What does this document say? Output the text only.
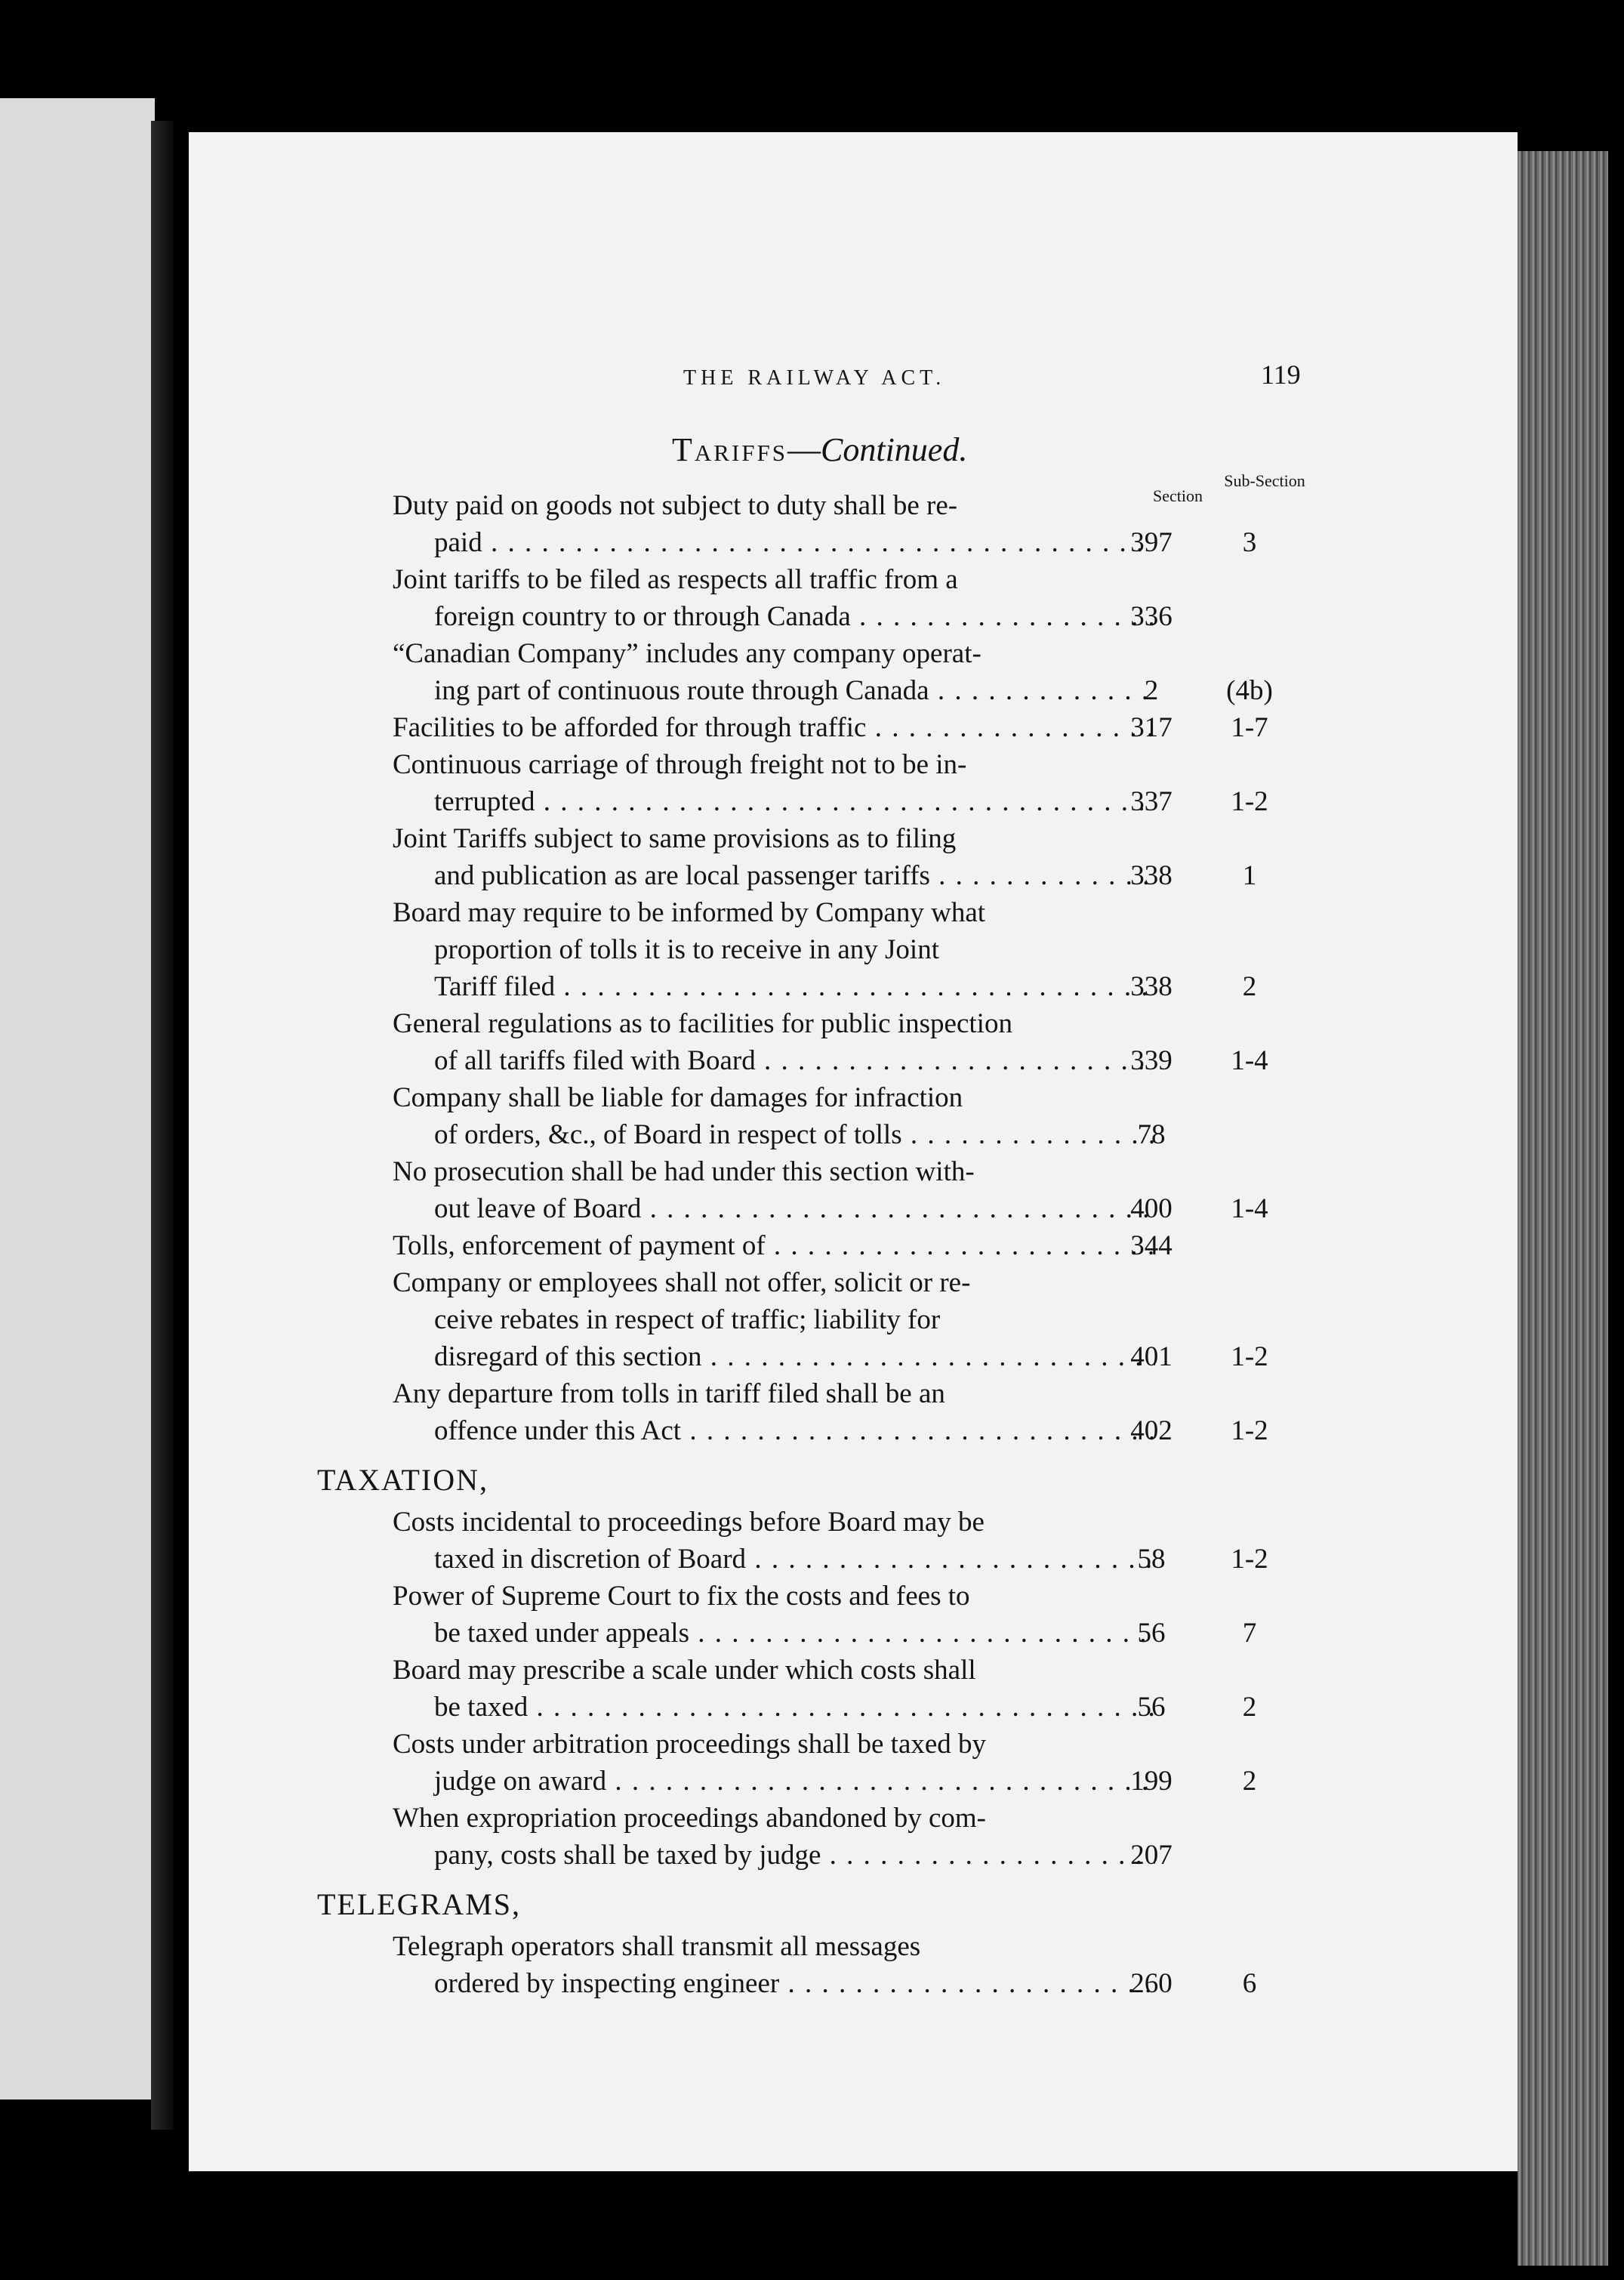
THE RAILWAY ACT.	119
Tariffs—Continued.
Section
Sub-Section
Duty paid on goods not subject to duty shall be re-
paid . . .	397	3
Joint tariffs to be filed as respects all traffic from a
foreign country to or through Canada . . .	336
“Canadian Company” includes any company operat-
ing part of continuous route through Canada . . .	2	(4b)
Facilities to be afforded for through traffic . . .	317	1-7
Continuous carriage of through freight not to be in-
terrupted . . .	337	1-2
Joint Tariffs subject to same provisions as to filing
and publication as are local passenger tariffs . . .	338	1
Board may require to be informed by Company what
proportion of tolls it is to receive in any Joint
Tariff filed . . .	338	2
General regulations as to facilities for public inspection
of all tariffs filed with Board . . .	339	1-4
Company shall be liable for damages for infraction
of orders, &c., of Board in respect of tolls . . .	78
No prosecution shall be had under this section with-
out leave of Board . . .	400	1-4
Tolls, enforcement of payment of . . .	344
Company or employees shall not offer, solicit or re-
ceive rebates in respect of traffic; liability for
disregard of this section . . .	401	1-2
Any departure from tolls in tariff filed shall be an
offence under this Act . . .	402	1-2
TAXATION,
Costs incidental to proceedings before Board may be
taxed in discretion of Board . . .	58	1-2
Power of Supreme Court to fix the costs and fees to
be taxed under appeals . . .	56	7
Board may prescribe a scale under which costs shall
be taxed . . .	56	2
Costs under arbitration proceedings shall be taxed by
judge on award . . .	199	2
When expropriation proceedings abandoned by com-
pany, costs shall be taxed by judge . . .	207
TELEGRAMS,
Telegraph operators shall transmit all messages
ordered by inspecting engineer . . .	260	6
